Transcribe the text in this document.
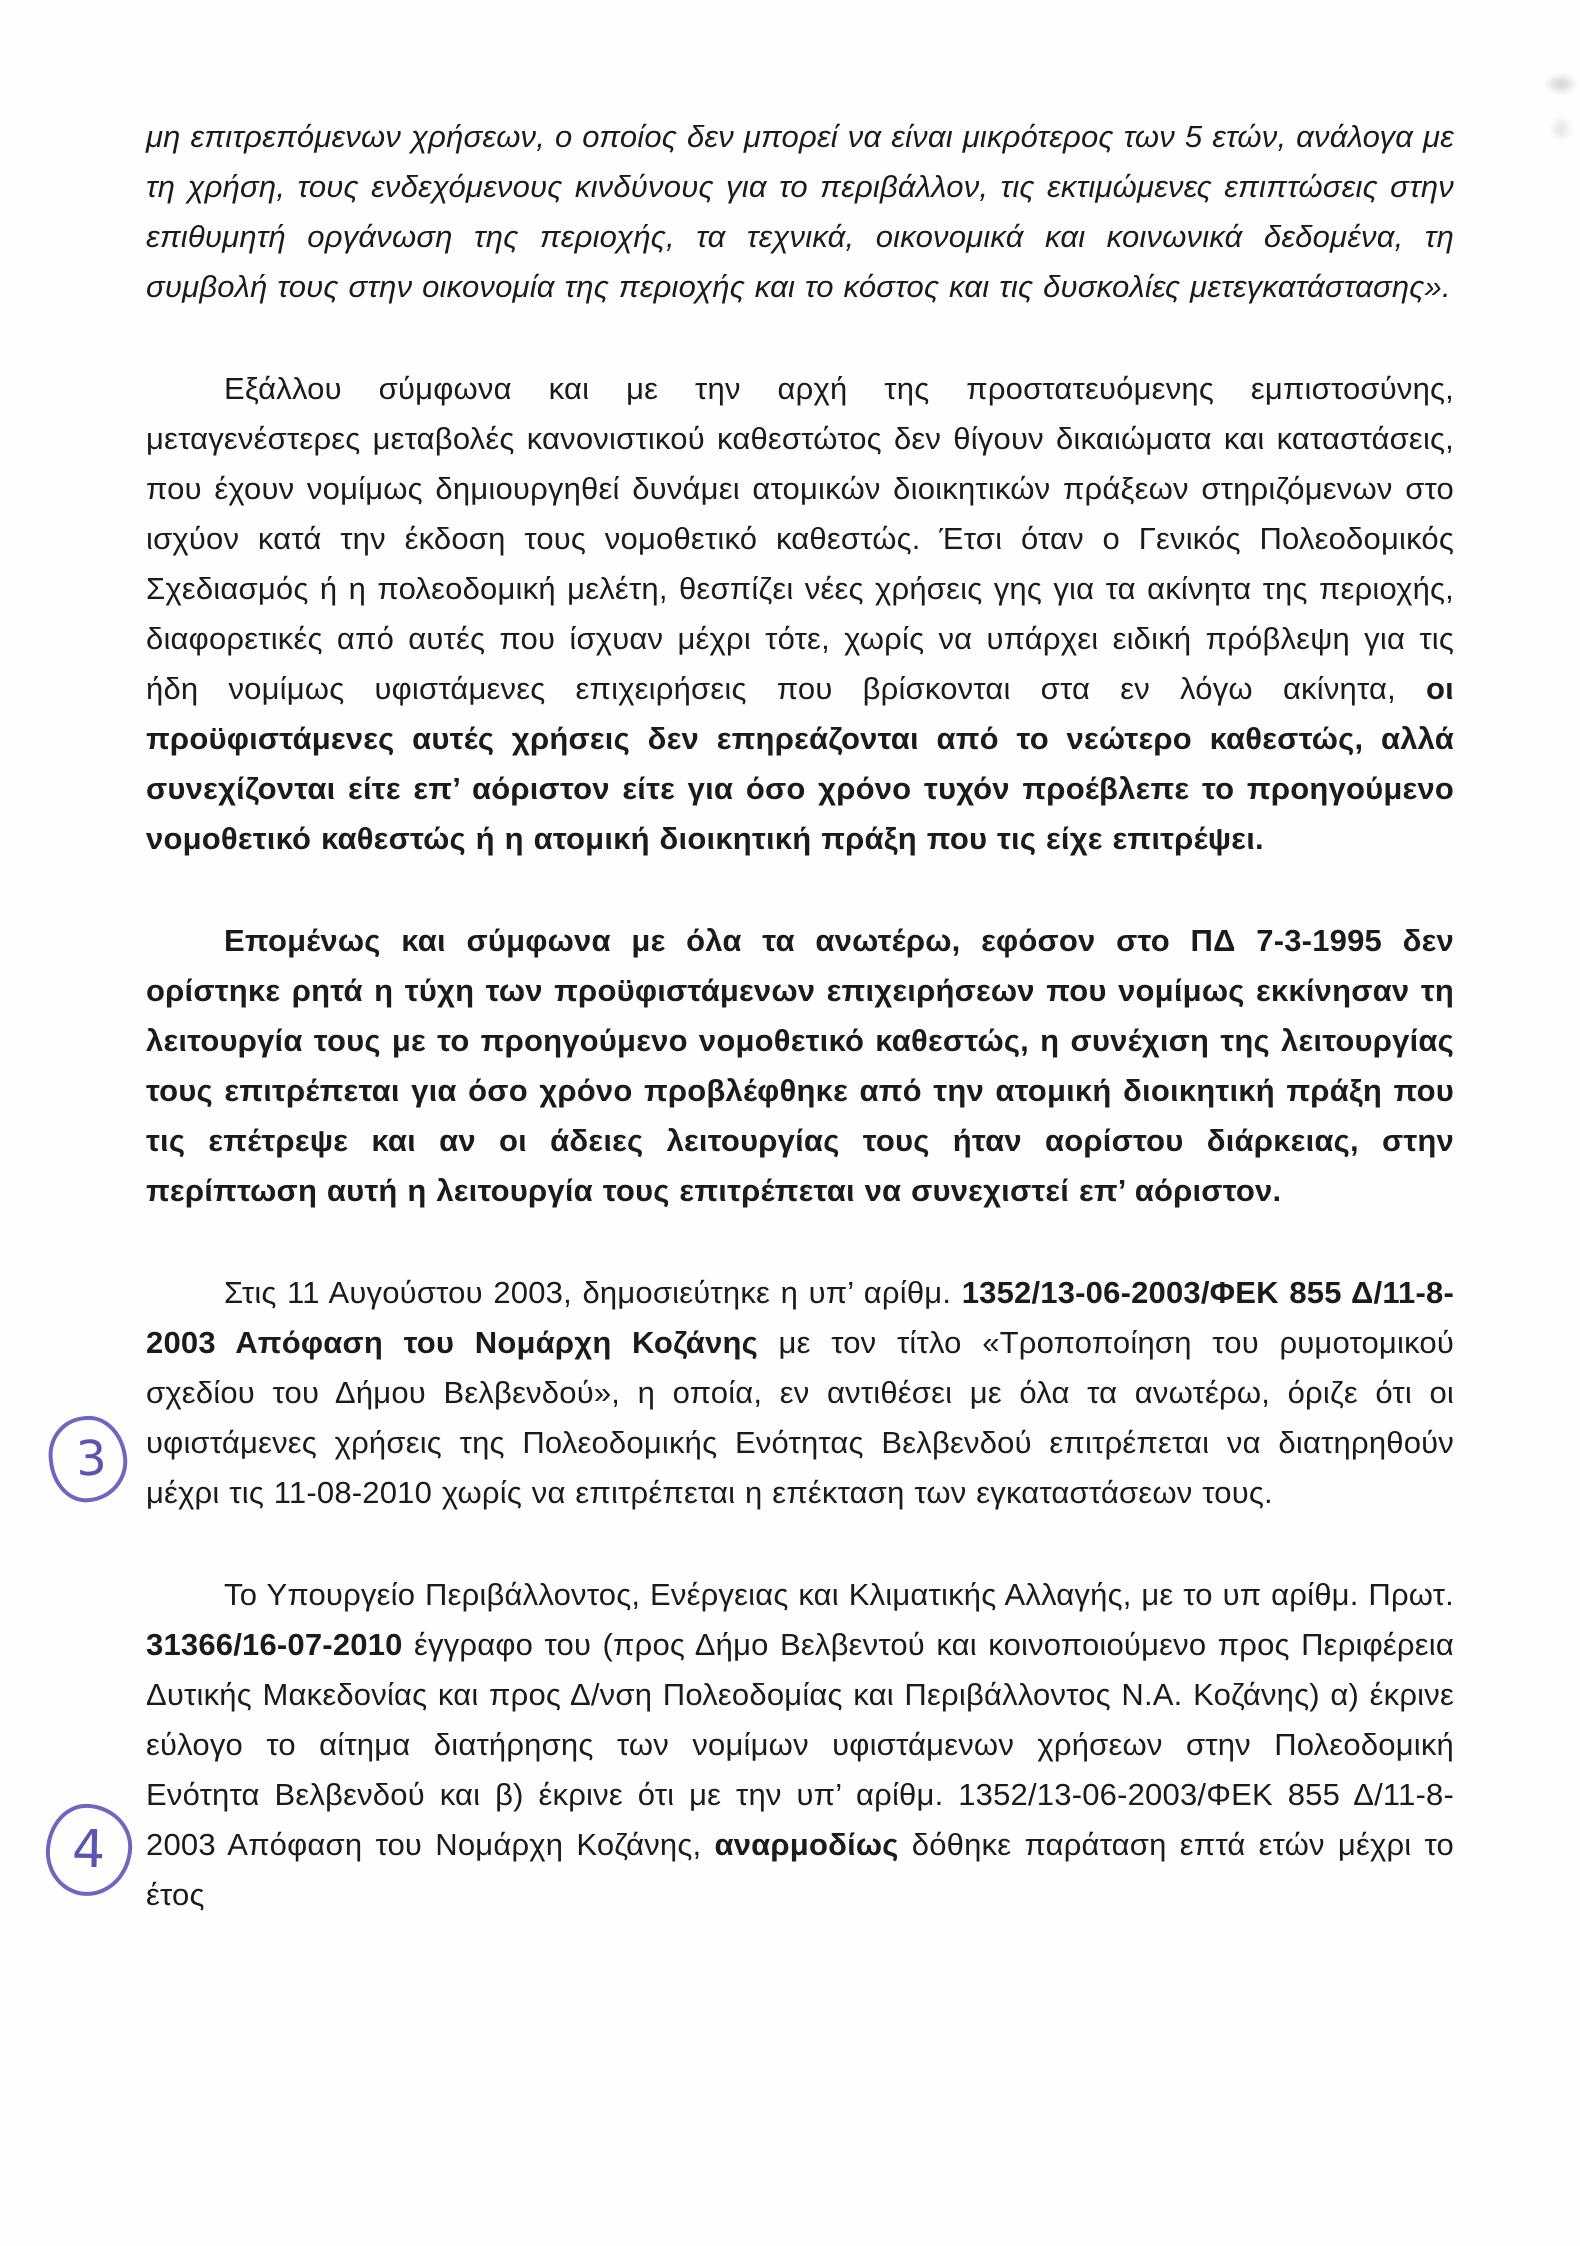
μη επιτρεπόμενων χρήσεων, ο οποίος δεν μπορεί να είναι μικρότερος των 5 ετών, ανάλογα με τη χρήση, τους ενδεχόμενους κινδύνους για το περιβάλλον, τις εκτιμώμενες επιπτώσεις στην επιθυμητή οργάνωση της περιοχής, τα τεχνικά, οικονομικά και κοινωνικά δεδομένα, τη συμβολή τους στην οικονομία της περιοχής και το κόστος και τις δυσκολίες μετεγκατάστασης».

Εξάλλου σύμφωνα και με την αρχή της προστατευόμενης εμπιστοσύνης, μεταγενέστερες μεταβολές κανονιστικού καθεστώτος δεν θίγουν δικαιώματα και καταστάσεις, που έχουν νομίμως δημιουργηθεί δυνάμει ατομικών διοικητικών πράξεων στηριζόμενων στο ισχύον κατά την έκδοση τους νομοθετικό καθεστώς. Έτσι όταν ο Γενικός Πολεοδομικός Σχεδιασμός ή η πολεοδομική μελέτη, θεσπίζει νέες χρήσεις γης για τα ακίνητα της περιοχής, διαφορετικές από αυτές που ίσχυαν μέχρι τότε, χωρίς να υπάρχει ειδική πρόβλεψη για τις ήδη νομίμως υφιστάμενες επιχειρήσεις που βρίσκονται στα εν λόγω ακίνητα, οι προϋφιστάμενες αυτές χρήσεις δεν επηρεάζονται από το νεώτερο καθεστώς, αλλά συνεχίζονται είτε επ’ αόριστον είτε για όσο χρόνο τυχόν προέβλεπε το προηγούμενο νομοθετικό καθεστώς ή η ατομική διοικητική πράξη που τις είχε επιτρέψει.

Επομένως και σύμφωνα με όλα τα ανωτέρω, εφόσον στο ΠΔ 7-3-1995 δεν ορίστηκε ρητά η τύχη των προϋφιστάμενων επιχειρήσεων που νομίμως εκκίνησαν τη λειτουργία τους με το προηγούμενο νομοθετικό καθεστώς, η συνέχιση της λειτουργίας τους επιτρέπεται για όσο χρόνο προβλέφθηκε από την ατομική διοικητική πράξη που τις επέτρεψε και αν οι άδειες λειτουργίας τους ήταν αορίστου διάρκειας, στην περίπτωση αυτή η λειτουργία τους επιτρέπεται να συνεχιστεί επ’ αόριστον.

Στις 11 Αυγούστου 2003, δημοσιεύτηκε η υπ’ αρίθμ. 1352/13-06-2003/ΦΕΚ 855 Δ/11-8-2003 Απόφαση του Νομάρχη Κοζάνης με τον τίτλο «Τροποποίηση του ρυμοτομικού σχεδίου του Δήμου Βελβενδού», η οποία, εν αντιθέσει με όλα τα ανωτέρω, όριζε ότι οι υφιστάμενες χρήσεις της Πολεοδομικής Ενότητας Βελβενδού επιτρέπεται να διατηρηθούν μέχρι τις 11-08-2010 χωρίς να επιτρέπεται η επέκταση των εγκαταστάσεων τους.

Το Υπουργείο Περιβάλλοντος, Ενέργειας και Κλιματικής Αλλαγής, με το υπ αρίθμ. Πρωτ. 31366/16-07-2010 έγγραφο του (προς Δήμο Βελβεντού και κοινοποιούμενο προς Περιφέρεια Δυτικής Μακεδονίας και προς Δ/νση Πολεοδομίας και Περιβάλλοντος Ν.Α. Κοζάνης) α) έκρινε εύλογο το αίτημα διατήρησης των νομίμων υφιστάμενων χρήσεων στην Πολεοδομική Ενότητα Βελβενδού και β) έκρινε ότι με την υπ’ αρίθμ. 1352/13-06-2003/ΦΕΚ 855 Δ/11-8-2003 Απόφαση του Νομάρχη Κοζάνης, αναρμοδίως δόθηκε παράταση επτά ετών μέχρι το έτος

3
4
